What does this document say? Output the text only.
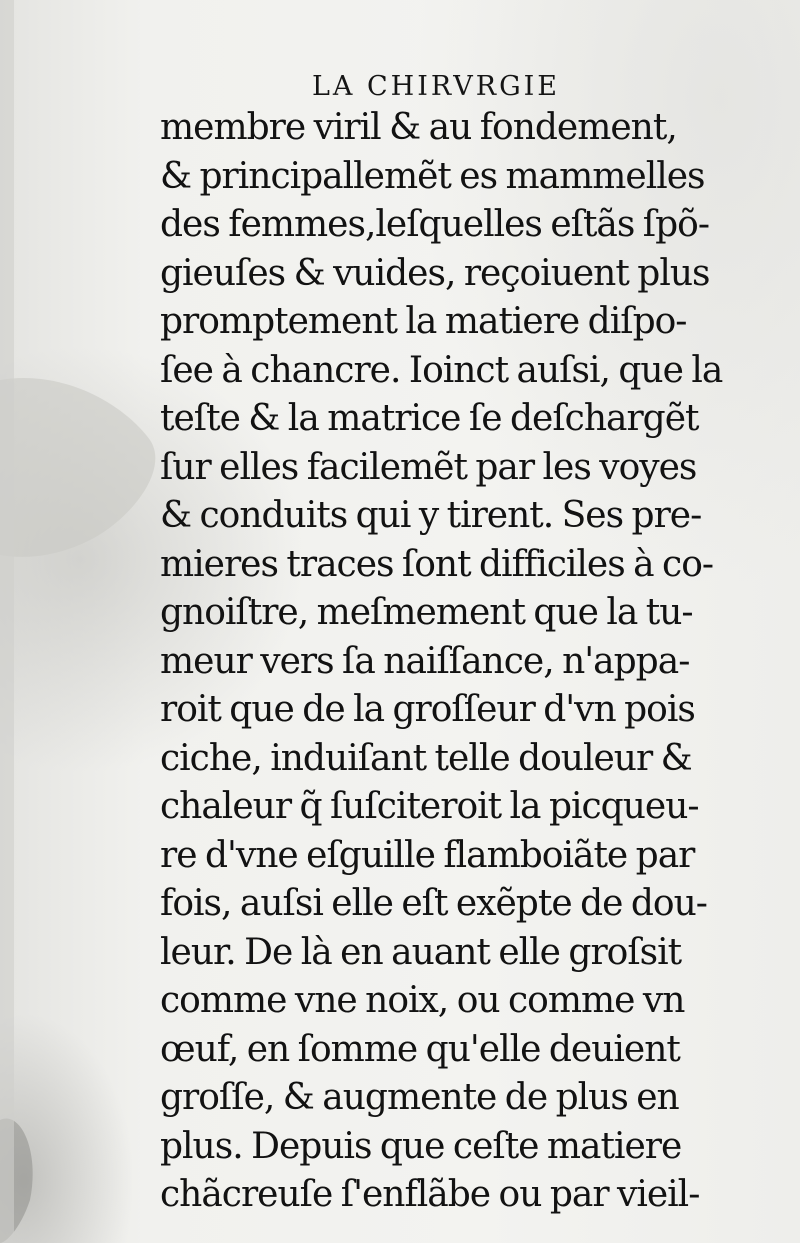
LA CHIRVRGIE
membre viril & au fondement,
& principallemẽt es mammelles
des femmes,leſquelles eſtãs ſpõ-
gieuſes & vuides, reçoiuent plus
promptement la matiere diſpo-
ſee à chancre. Ioinct auſsi, que la
teſte & la matrice ſe deſchargẽt
ſur elles facilemẽt par les voyes
& conduits qui y tirent. Ses pre-
mieres traces ſont difficiles à co-
gnoiſtre, meſmement que la tu-
meur vers ſa naiſſance, n'appa-
roit que de la groſſeur d'vn pois
ciche, induiſant telle douleur &
chaleur q̃ ſuſciteroit la picqueu-
re d'vne eſguille flamboiãte par
fois, auſsi elle eſt exẽpte de dou-
leur. De là en auant elle groſsit
comme vne noix, ou comme vn
œuf, en ſomme qu'elle deuient
groſſe, & augmente de plus en
plus. Depuis que ceſte matiere
chãcreuſe ſ'enflãbe ou par vieil-
